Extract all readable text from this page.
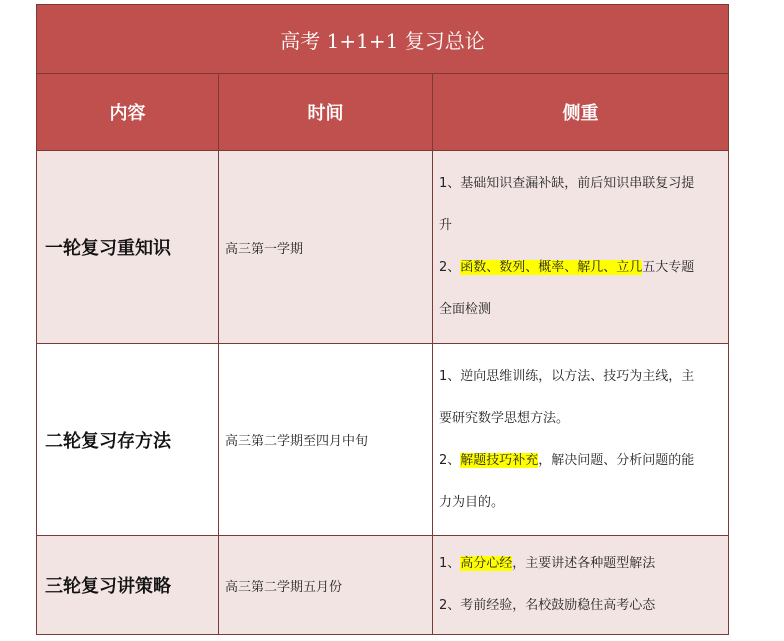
高考 1+1+1 复习总论		
内容	时间	侧重
一轮复习重知识	高三第一学期	1、基础知识查漏补缺，前后知识串联复习提
升
2、函数、数列、概率、解几、立几五大专题
全面检测

二轮复习存方法	高三第二学期至四月中旬	1、逆向思维训练，以方法、技巧为主线，主
要研究数学思想方法。
2、解题技巧补充，解决问题、分析问题的能
力为目的。

三轮复习讲策略	高三第二学期五月份	1、高分心经，主要讲述各种题型解法
2、考前经验，名校鼓励稳住高考心态
